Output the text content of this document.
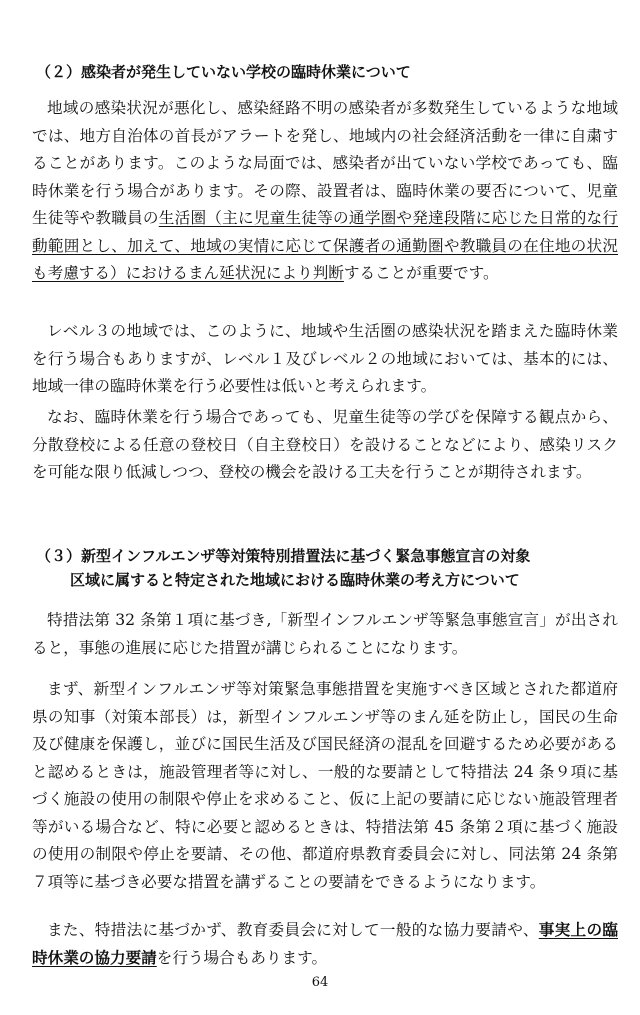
（２）感染者が発生していない学校の臨時休業について

地域の感染状況が悪化し、感染経路不明の感染者が多数発生しているような地域では、地方自治体の首長がアラートを発し、地域内の社会経済活動を一律に自粛することがあります。このような局面では、感染者が出ていない学校であっても、臨時休業を行う場合があります。その際、設置者は、臨時休業の要否について、児童生徒等や教職員の生活圏（主に児童生徒等の通学圏や発達段階に応じた日常的な行動範囲とし、加えて、地域の実情に応じて保護者の通勤圏や教職員の在住地の状況も考慮する）におけるまん延状況により判断することが重要です。

レベル３の地域では、このように、地域や生活圏の感染状況を踏まえた臨時休業を行う場合もありますが、レベル１及びレベル２の地域においては、基本的には、地域一律の臨時休業を行う必要性は低いと考えられます。

なお、臨時休業を行う場合であっても、児童生徒等の学びを保障する観点から、分散登校による任意の登校日（自主登校日）を設けることなどにより、感染リスクを可能な限り低減しつつ、登校の機会を設ける工夫を行うことが期待されます。

（３）新型インフルエンザ等対策特別措置法に基づく緊急事態宣言の対象
区域に属すると特定された地域における臨時休業の考え方について

特措法第 32 条第１項に基づき,「新型インフルエンザ等緊急事態宣言」が出されると，事態の進展に応じた措置が講じられることになります。

まず、新型インフルエンザ等対策緊急事態措置を実施すべき区域とされた都道府県の知事（対策本部長）は，新型インフルエンザ等のまん延を防止し，国民の生命及び健康を保護し，並びに国民生活及び国民経済の混乱を回避するため必要があると認めるときは，施設管理者等に対し、一般的な要請として特措法 24 条９項に基づく施設の使用の制限や停止を求めること、仮に上記の要請に応じない施設管理者等がいる場合など、特に必要と認めるときは、特措法第 45 条第２項に基づく施設の使用の制限や停止を要請、その他、都道府県教育委員会に対し、同法第 24 条第７項等に基づき必要な措置を講ずることの要請をできるようになります。

また、特措法に基づかず、教育委員会に対して一般的な協力要請や、事実上の臨時休業の協力要請を行う場合もあります。

64
